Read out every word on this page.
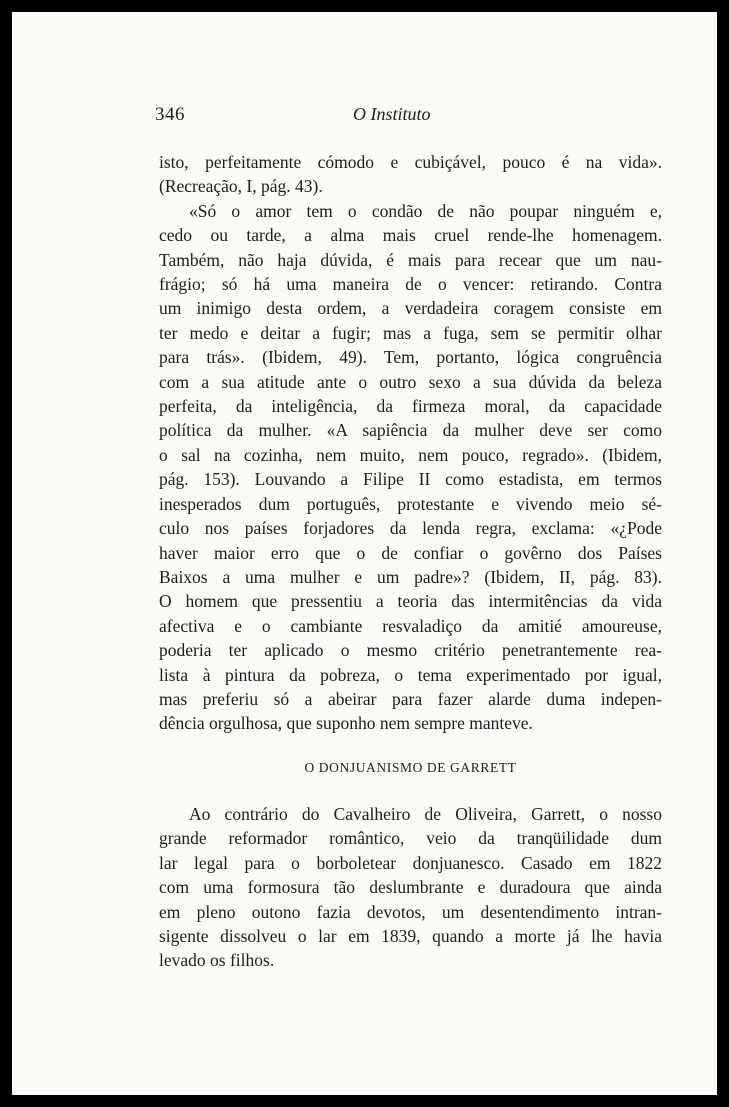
346	O Instituto
isto, perfeitamente cómodo e cubiçável, pouco é na vida».
(Recreação, I, pág. 43).
«Só o amor tem o condão de não poupar ninguém e,
cedo ou tarde, a alma mais cruel rende-lhe homenagem.
Também, não haja dúvida, é mais para recear que um nau-
frágio; só há uma maneira de o vencer: retirando. Contra
um inimigo desta ordem, a verdadeira coragem consiste em
ter medo e deitar a fugir; mas a fuga, sem se permitir olhar
para trás». (Ibidem, 49). Tem, portanto, lógica congruência
com a sua atitude ante o outro sexo a sua dúvida da beleza
perfeita, da inteligência, da firmeza moral, da capacidade
política da mulher. «A sapiência da mulher deve ser como
o sal na cozinha, nem muito, nem pouco, regrado». (Ibidem,
pág. 153). Louvando a Filipe II como estadista, em termos
inesperados dum português, protestante e vivendo meio sé-
culo nos países forjadores da lenda regra, exclama: «¿Pode
haver maior erro que o de confiar o govêrno dos Países
Baixos a uma mulher e um padre»? (Ibidem, II, pág. 83).
O homem que pressentiu a teoria das intermitências da vida
afectiva e o cambiante resvaladiço da amitié amoureuse,
poderia ter aplicado o mesmo critério penetrantemente rea-
lista à pintura da pobreza, o tema experimentado por igual,
mas preferiu só a abeirar para fazer alarde duma indepen-
dência orgulhosa, que suponho nem sempre manteve.
O DONJUANISMO DE GARRETT
Ao contrário do Cavalheiro de Oliveira, Garrett, o nosso
grande reformador romântico, veio da tranqüilidade dum
lar legal para o borboletear donjuanesco. Casado em 1822
com uma formosura tão deslumbrante e duradoura que ainda
em pleno outono fazia devotos, um desentendimento intran-
sigente dissolveu o lar em 1839, quando a morte já lhe havia
levado os filhos.
